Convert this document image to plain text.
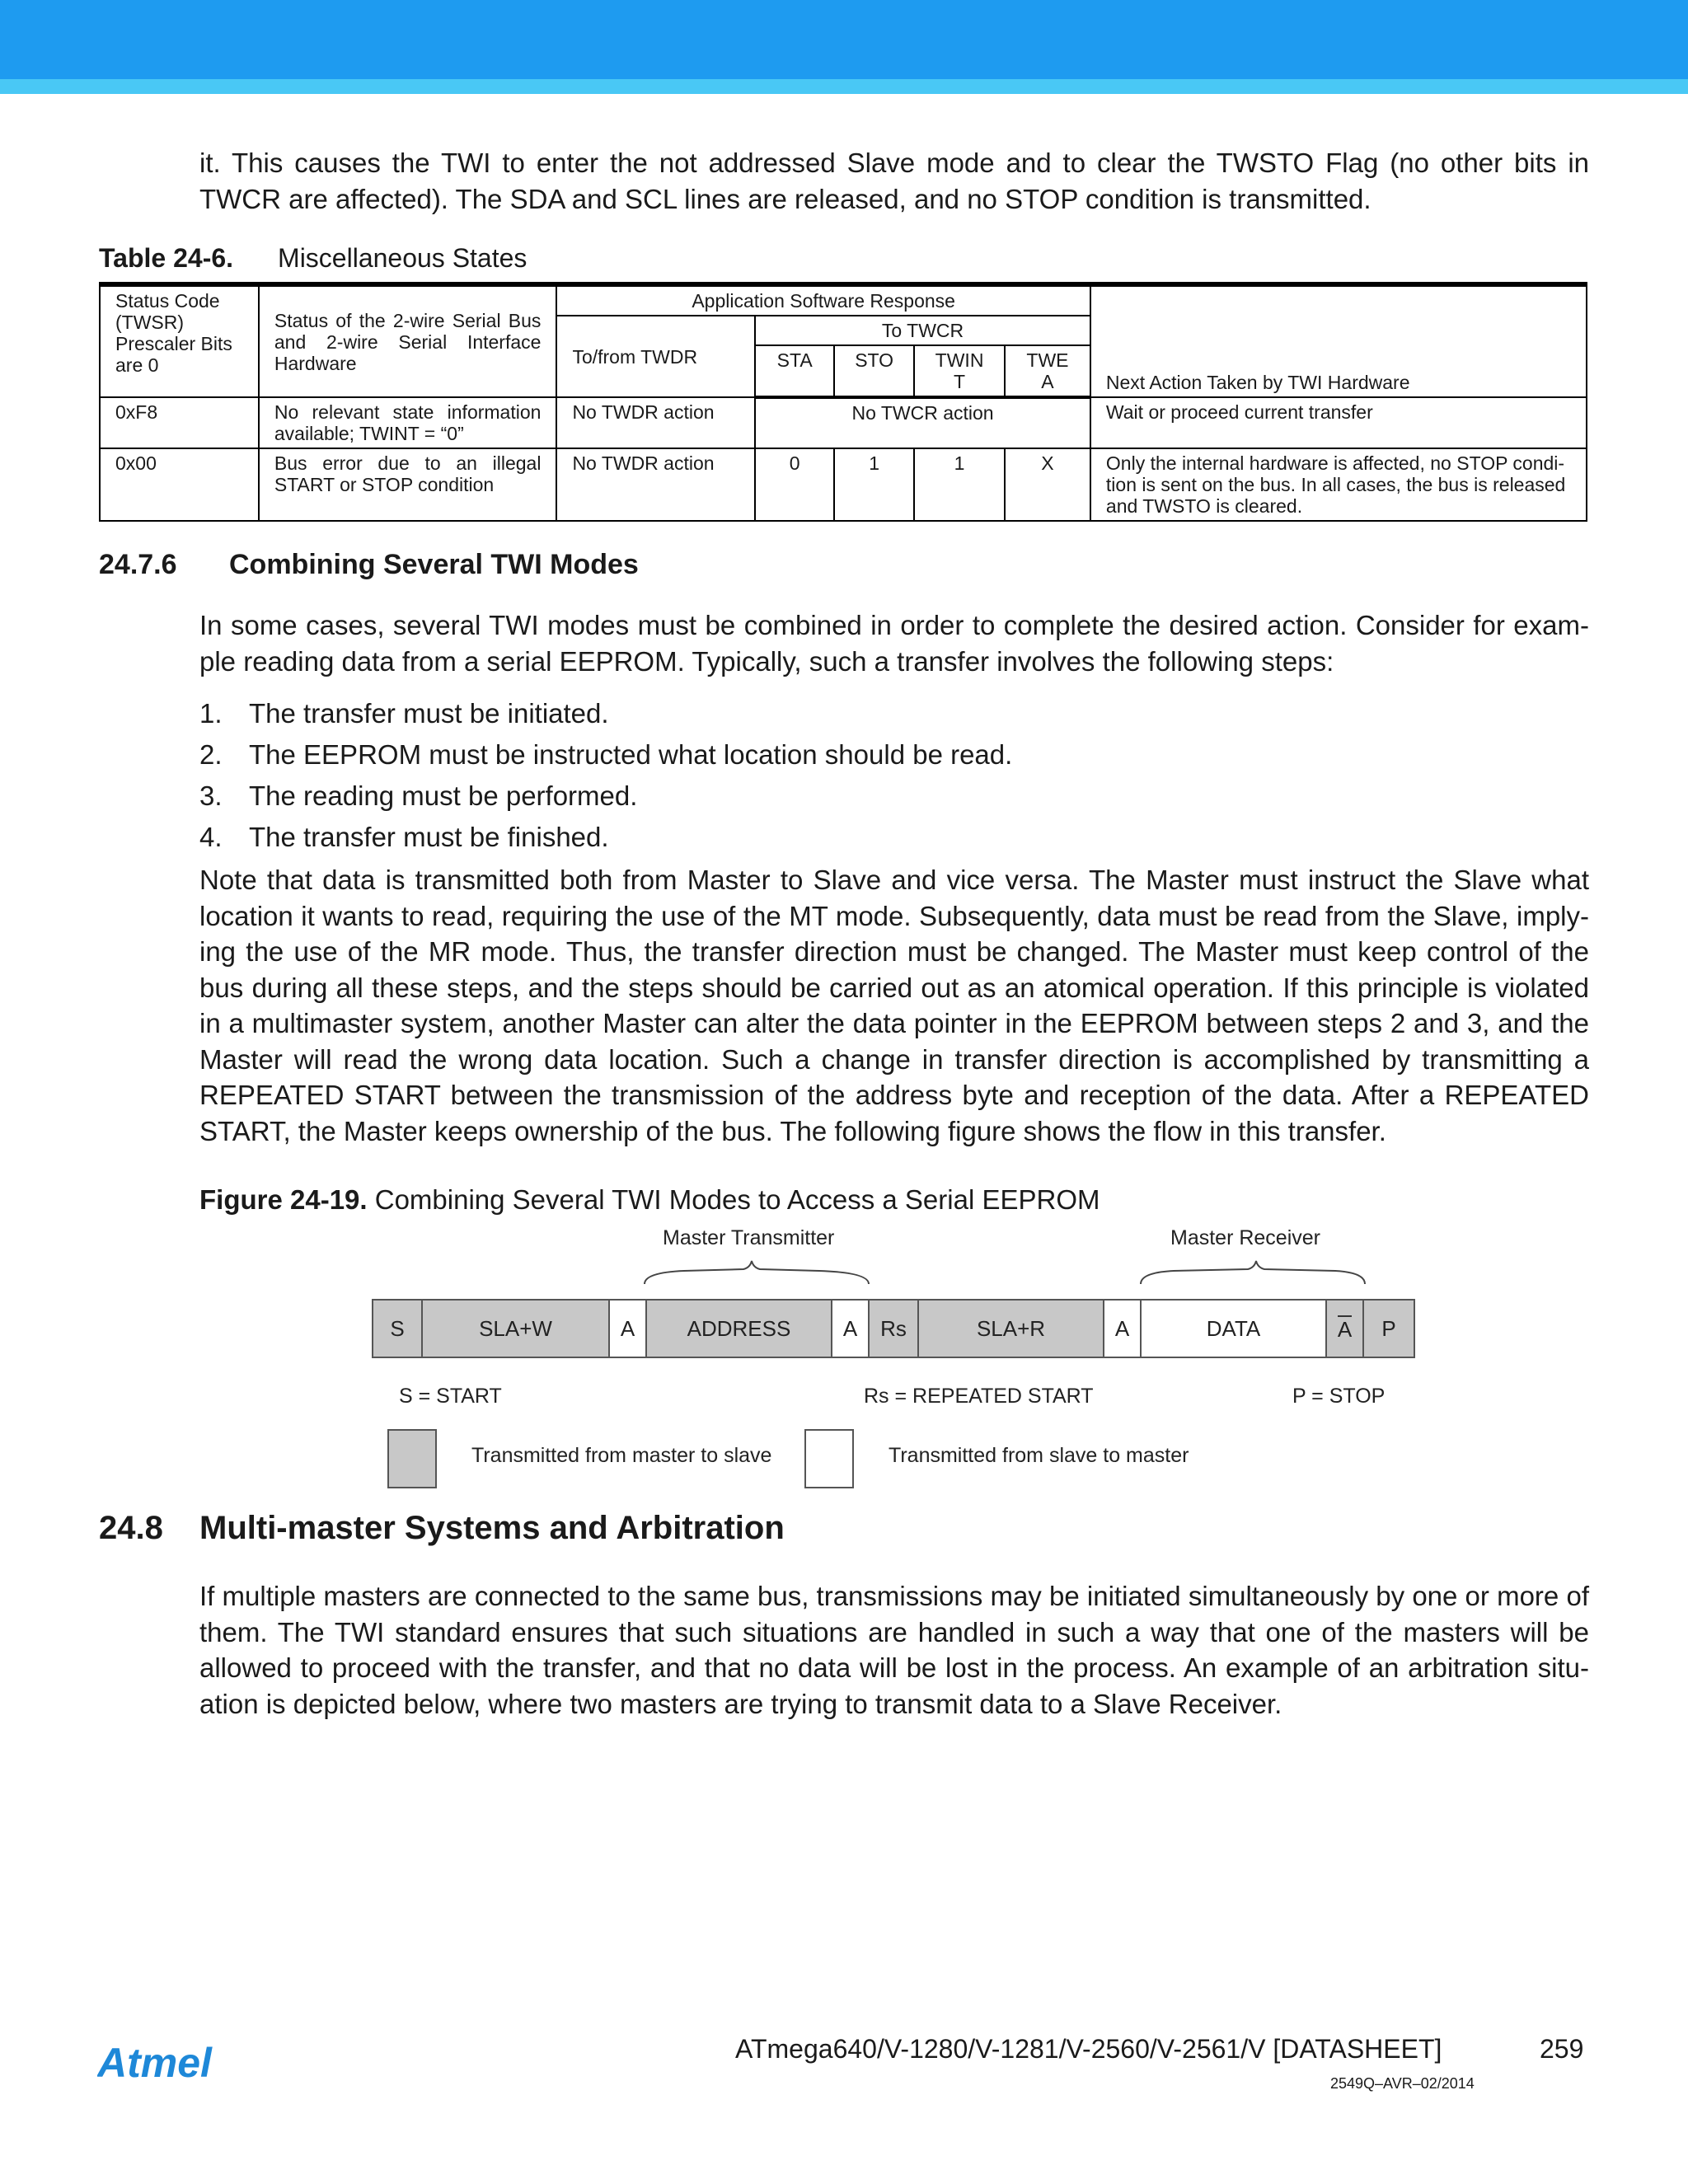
it. This causes the TWI to enter the not addressed Slave mode and to clear the TWSTO Flag (no other bits in TWCR are affected). The SDA and SCL lines are released, and no STOP condition is transmitted.

Table 24-6. Miscellaneous States
Status Code (TWSR) Prescaler Bits are 0	Status of the 2-wire Serial Bus and 2-wire Serial Interface Hardware	Application Software Response					Next Action Taken by TWI Hardware
		To/from TWDR	To TWCR				
			STA	STO	TWINT	TWEA	
0xF8	No relevant state information available; TWINT = “0”	No TWDR action	No TWCR action				Wait or proceed current transfer
0x00	Bus error due to an illegal START or STOP condition	No TWDR action	0	1	1	X	Only the internal hardware is affected, no STOP condi- tion is sent on the bus. In all cases, the bus is released and TWSTO is cleared.
24.7.6 Combining Several TWI Modes

In some cases, several TWI modes must be combined in order to complete the desired action. Consider for exam- ple reading data from a serial EEPROM. Typically, such a transfer involves the following steps:

1. The transfer must be initiated.
2. The EEPROM must be instructed what location should be read.
3. The reading must be performed.
4. The transfer must be finished.

Note that data is transmitted both from Master to Slave and vice versa. The Master must instruct the Slave what location it wants to read, requiring the use of the MT mode. Subsequently, data must be read from the Slave, imply- ing the use of the MR mode. Thus, the transfer direction must be changed. The Master must keep control of the bus during all these steps, and the steps should be carried out as an atomical operation. If this principle is violated in a multimaster system, another Master can alter the data pointer in the EEPROM between steps 2 and 3, and the Master will read the wrong data location. Such a change in transfer direction is accomplished by transmitting a REPEATED START between the transmission of the address byte and reception of the data. After a REPEATED START, the Master keeps ownership of the bus. The following figure shows the flow in this transfer.

Figure 24-19. Combining Several TWI Modes to Access a Serial EEPROM
Master Transmitter	Master Receiver
S	SLA+W	A	ADDRESS	A	Rs	SLA+R	A	DATA	A	P
S = START	Rs = REPEATED START	P = STOP
Transmitted from master to slave	Transmitted from slave to master
24.8 Multi-master Systems and Arbitration

If multiple masters are connected to the same bus, transmissions may be initiated simultaneously by one or more of them. The TWI standard ensures that such situations are handled in such a way that one of the masters will be allowed to proceed with the transfer, and that no data will be lost in the process. An example of an arbitration situ- ation is depicted below, where two masters are trying to transmit data to a Slave Receiver.

Atmel	ATmega640/V-1280/V-1281/V-2560/V-2561/V [DATASHEET]	259
2549Q–AVR–02/2014
